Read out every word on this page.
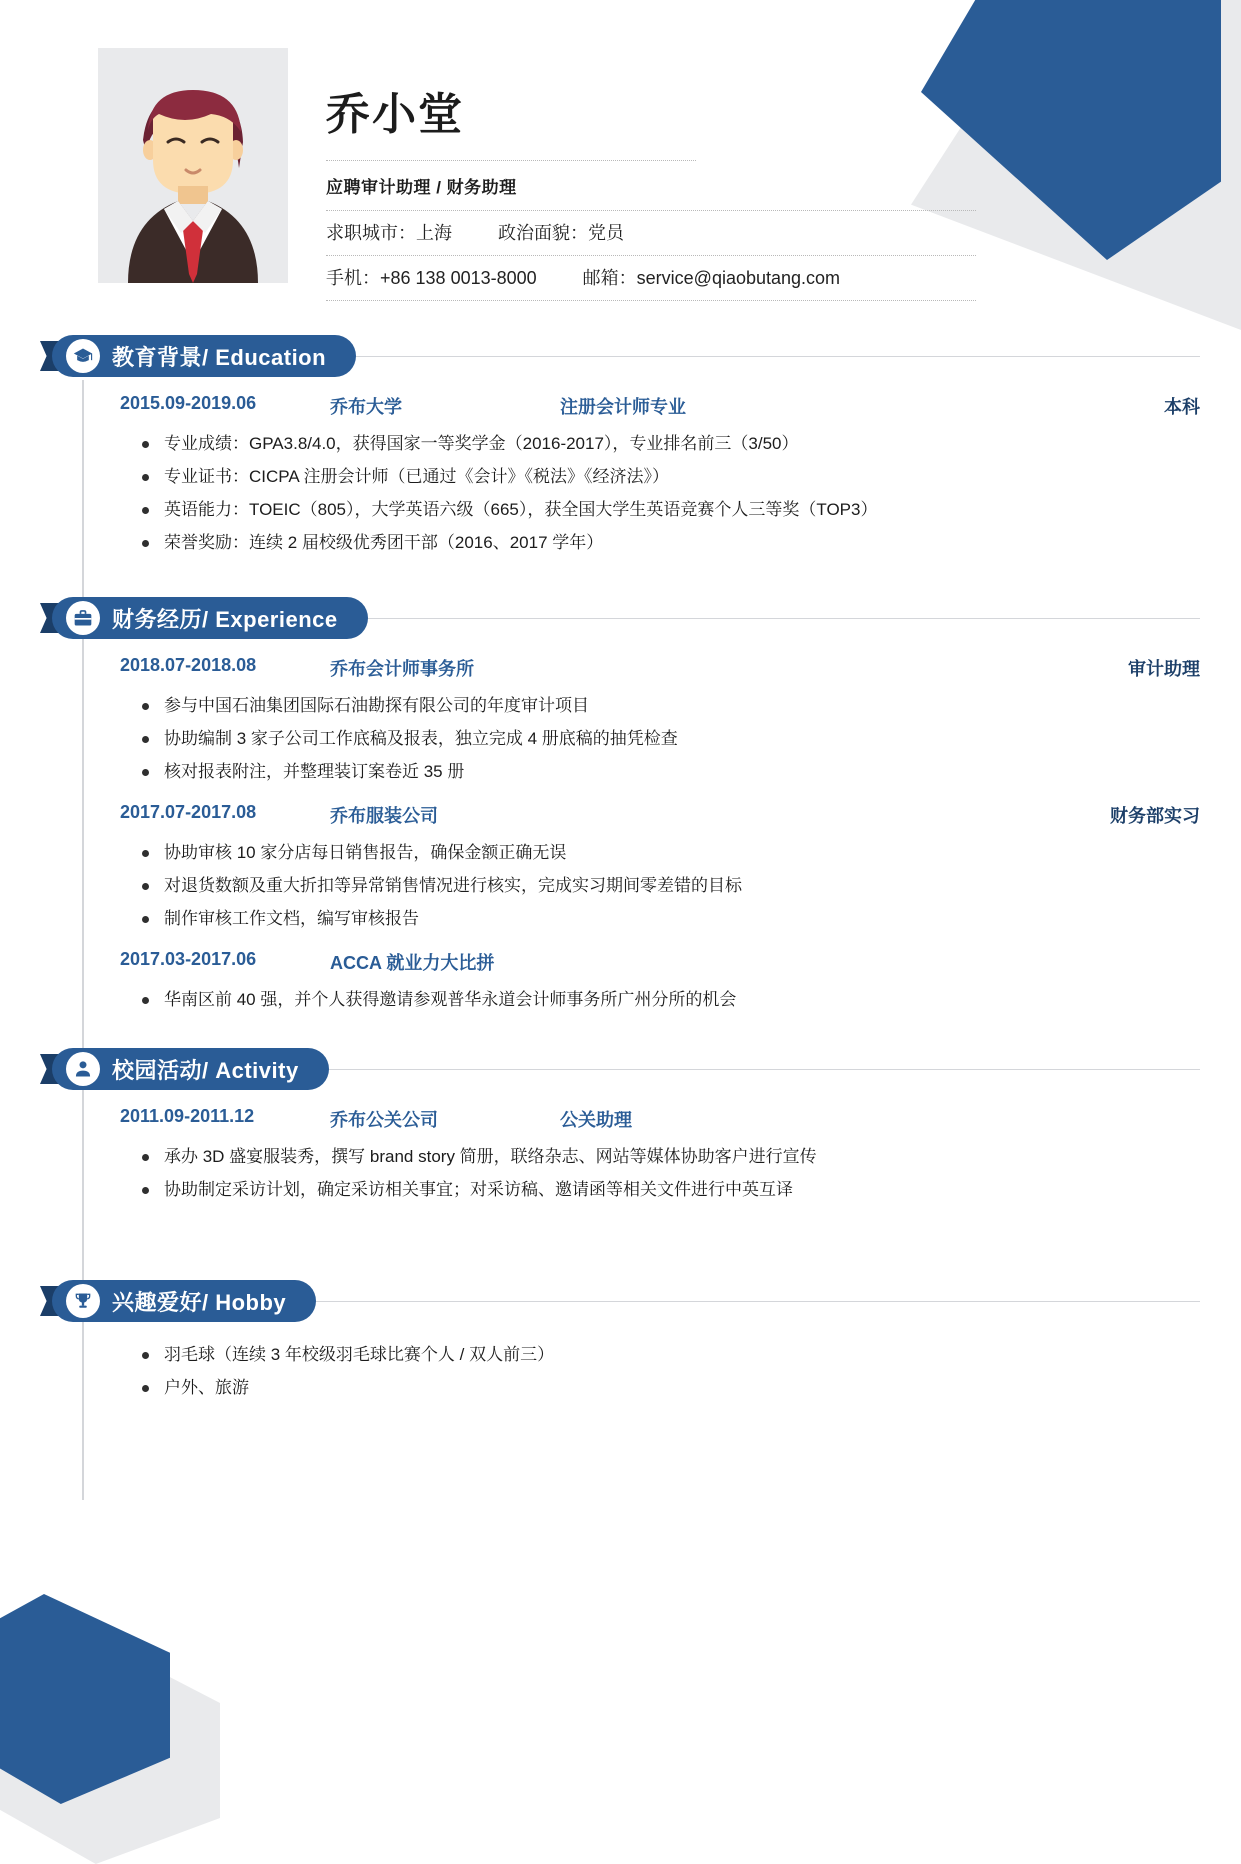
乔小堂
应聘审计助理 / 财务助理
求职城市：上海	政治面貌：党员
手机：+86 138 0013-8000	邮箱：service@qiaobutang.com
教育背景/ Education
2015.09-2019.06	乔布大学	注册会计师专业	本科
专业成绩：GPA3.8/4.0，获得国家一等奖学金（2016-2017），专业排名前三（3/50）
专业证书：CICPA 注册会计师（已通过《会计》《税法》《经济法》）
英语能力：TOEIC（805），大学英语六级（665），获全国大学生英语竞赛个人三等奖（TOP3）
荣誉奖励：连续 2 届校级优秀团干部（2016、2017 学年）
财务经历/ Experience
2018.07-2018.08	乔布会计师事务所	审计助理
参与中国石油集团国际石油勘探有限公司的年度审计项目
协助编制 3 家子公司工作底稿及报表，独立完成 4 册底稿的抽凭检查
核对报表附注，并整理装订案卷近 35 册
2017.07-2017.08	乔布服装公司	财务部实习
协助审核 10 家分店每日销售报告，确保金额正确无误
对退货数额及重大折扣等异常销售情况进行核实，完成实习期间零差错的目标
制作审核工作文档，编写审核报告
2017.03-2017.06	ACCA 就业力大比拼
华南区前 40 强，并个人获得邀请参观普华永道会计师事务所广州分所的机会
校园活动/ Activity
2011.09-2011.12	乔布公关公司	公关助理
承办 3D 盛宴服装秀，撰写 brand story 简册，联络杂志、网站等媒体协助客户进行宣传
协助制定采访计划，确定采访相关事宜；对采访稿、邀请函等相关文件进行中英互译
兴趣爱好/ Hobby
羽毛球（连续 3 年校级羽毛球比赛个人 / 双人前三）
户外、旅游
